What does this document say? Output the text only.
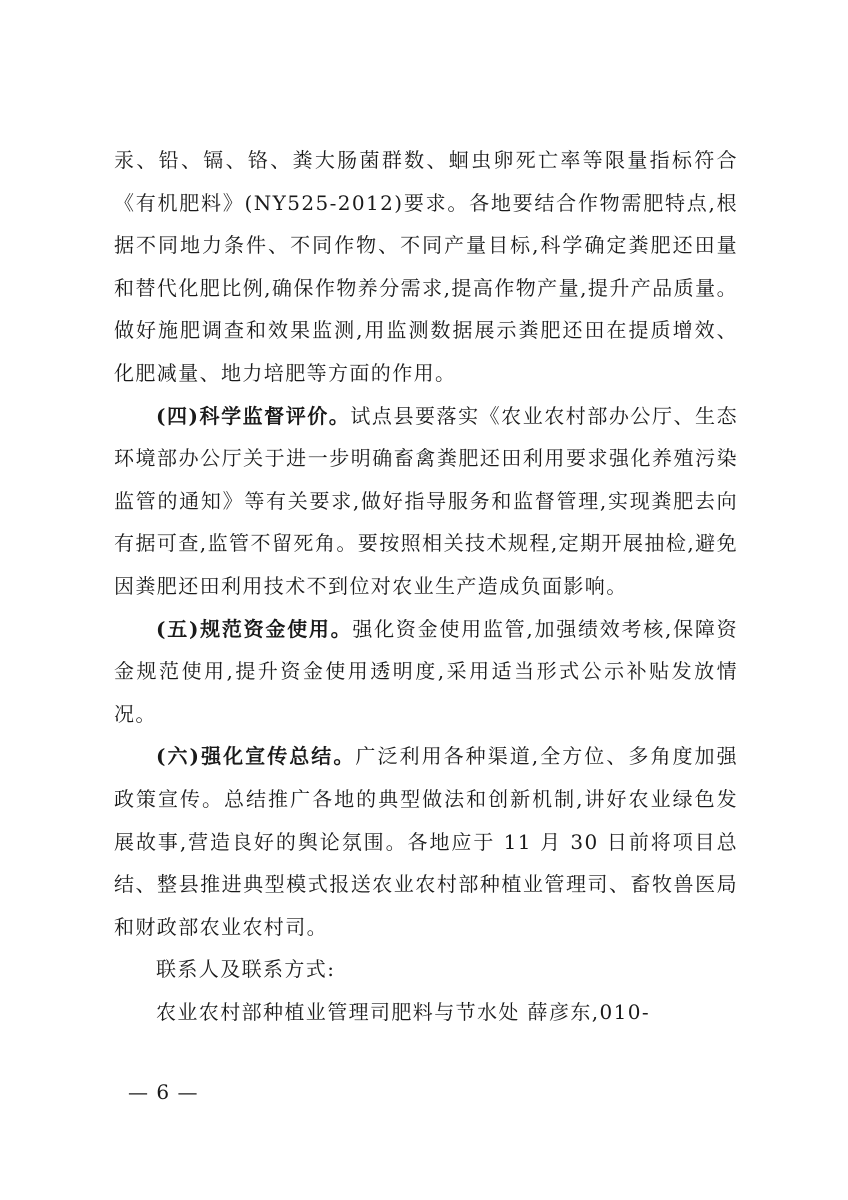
汞、铅、镉、铬、粪大肠菌群数、蛔虫卵死亡率等限量指标符合《有机肥料》(NY525-2012)要求。各地要结合作物需肥特点,根据不同地力条件、不同作物、不同产量目标,科学确定粪肥还田量和替代化肥比例,确保作物养分需求,提高作物产量,提升产品质量。做好施肥调查和效果监测,用监测数据展示粪肥还田在提质增效、化肥减量、地力培肥等方面的作用。

(四)科学监督评价。试点县要落实《农业农村部办公厅、生态环境部办公厅关于进一步明确畜禽粪肥还田利用要求强化养殖污染监管的通知》等有关要求,做好指导服务和监督管理,实现粪肥去向有据可查,监管不留死角。要按照相关技术规程,定期开展抽检,避免因粪肥还田利用技术不到位对农业生产造成负面影响。

(五)规范资金使用。强化资金使用监管,加强绩效考核,保障资金规范使用,提升资金使用透明度,采用适当形式公示补贴发放情况。

(六)强化宣传总结。广泛利用各种渠道,全方位、多角度加强政策宣传。总结推广各地的典型做法和创新机制,讲好农业绿色发展故事,营造良好的舆论氛围。各地应于 11 月 30 日前将项目总结、整县推进典型模式报送农业农村部种植业管理司、畜牧兽医局和财政部农业农村司。

联系人及联系方式:

农业农村部种植业管理司肥料与节水处 薛彦东,010-

— 6 —
